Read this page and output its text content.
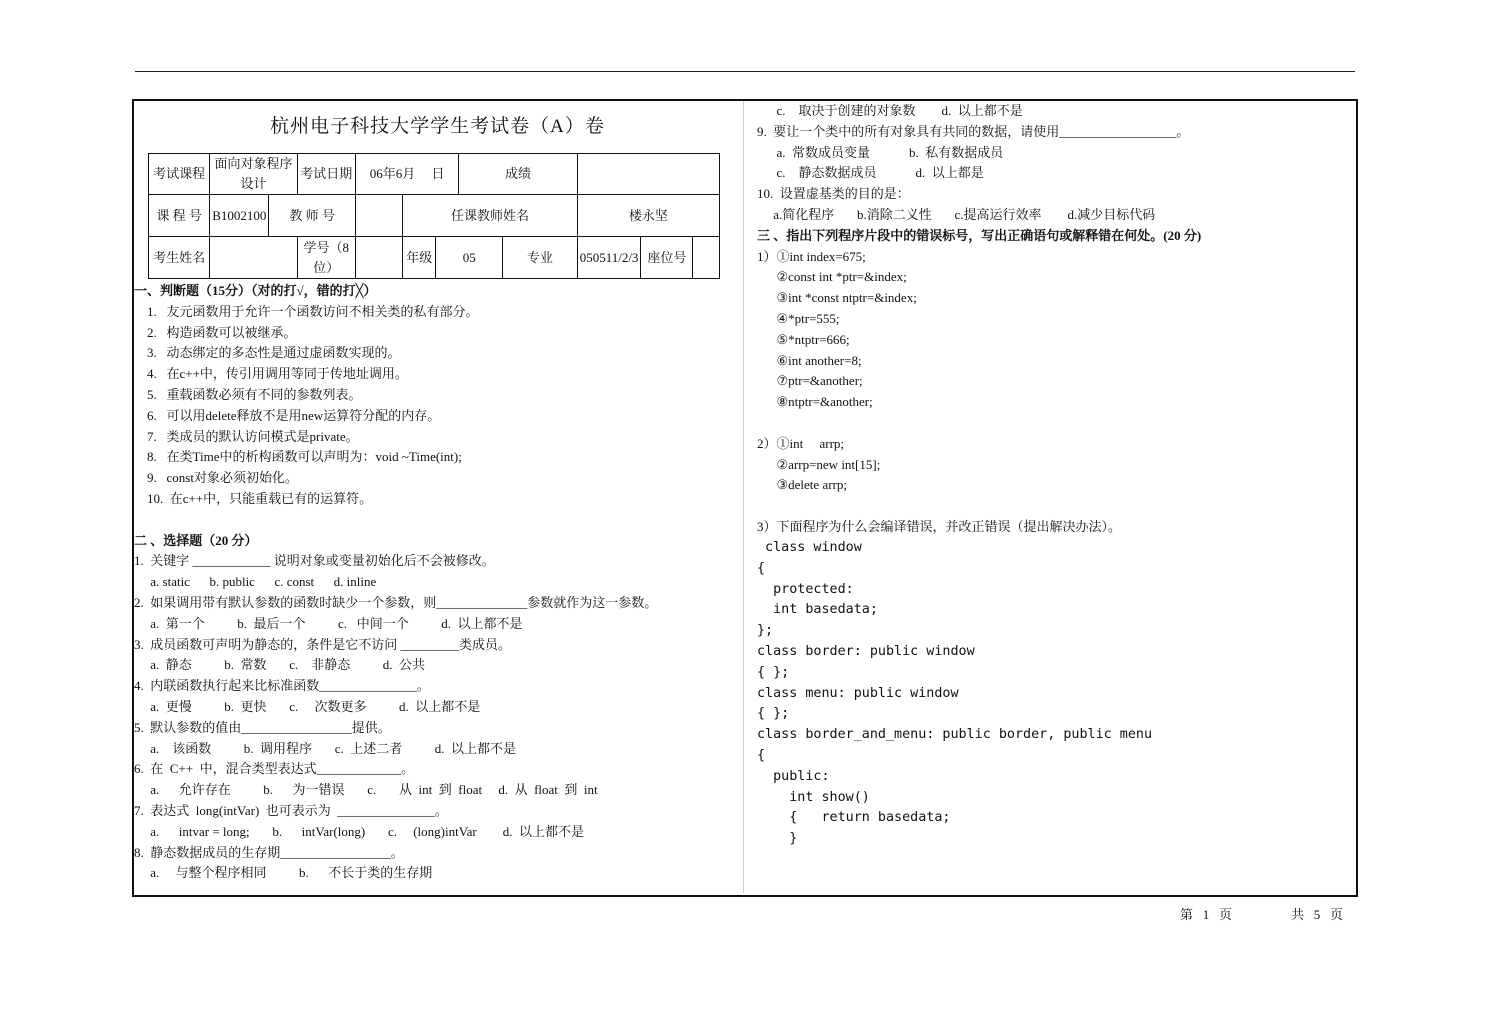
杭州电子科技大学学生考试卷（A）卷
考试课程	面向对象程序设计		考试日期	06年6月　 日			成绩				
课 程 号	B1002100	教 师 号			任课教师姓名				楼永坚		
考生姓名			学号（8位）		年级	05		专业	050511/2/3	座位号	
一、判断题（15分）（对的打√，错的打╳）
1.   友元函数用于允许一个函数访问不相关类的私有部分。
2.   构造函数可以被继承。
3.   动态绑定的多态性是通过虚函数实现的。
4.   在c++中，传引用调用等同于传地址调用。
5.   重载函数必须有不同的参数列表。
6.   可以用delete释放不是用new运算符分配的内存。
7.   类成员的默认访问模式是private。
8.   在类Time中的析构函数可以声明为：void ~Time(int);
9.   const对象必须初始化。
10.  在c++中，只能重载已有的运算符。
二 、选择题（20 分）
1.  关键字 ____________ 说明对象或变量初始化后不会被修改。
a. static      b. public      c. const      d. inline
2.  如果调用带有默认参数的函数时缺少一个参数，则______________参数就作为这一参数。
a.  第一个          b.  最后一个          c.   中间一个          d.  以上都不是
3.  成员函数可声明为静态的，条件是它不访问 _________类成员。
a.  静态          b.  常数       c.    非静态          d.  公共
4.  内联函数执行起来比标准函数_______________。
a.  更慢          b.  更快       c.     次数更多          d.  以上都不是
5.  默认参数的值由_________________提供。
a.    该函数          b.  调用程序       c.  上述二者          d.  以上都不是
6.  在  C++  中，混合类型表达式_____________。
a.      允许存在          b.      为一错误       c.       从  int  到  float     d.  从  float  到  int
7.  表达式  long(intVar)  也可表示为  _______________。
a.      intvar = long;       b.      intVar(long)       c.     (long)intVar        d.  以上都不是
8.  静态数据成员的生存期_________________。
a.     与整个程序相同          b.      不长于类的生存期
c.    取决于创建的对象数        d.  以上都不是
9.  要让一个类中的所有对象具有共同的数据，请使用__________________。
a.  常数成员变量            b.  私有数据成员
c.    静态数据成员            d.  以上都是
10.  设置虚基类的目的是：
a.简化程序       b.消除二义性       c.提高运行效率        d.减少目标代码
三 、指出下列程序片段中的错误标号，写出正确语句或解释错在何处。(20 分)
1）①int index=675;
②const int *ptr=&index;
③int *const ntptr=&index;
④*ptr=555;
⑤*ntptr=666;
⑥int another=8;
⑦ptr=&another;
⑧ntptr=&another;
2）①int     arrp;
②arrp=new int[15];
③delete arrp;
3）下面程序为什么会编译错误，并改正错误（提出解决办法）。
class window
{
protected:
int basedata;
};
class border: public window
{ };
class menu: public window
{ };
class border_and_menu: public border, public menu
{
public:
int show()
{   return basedata;
}
第   1   页	共   5   页
